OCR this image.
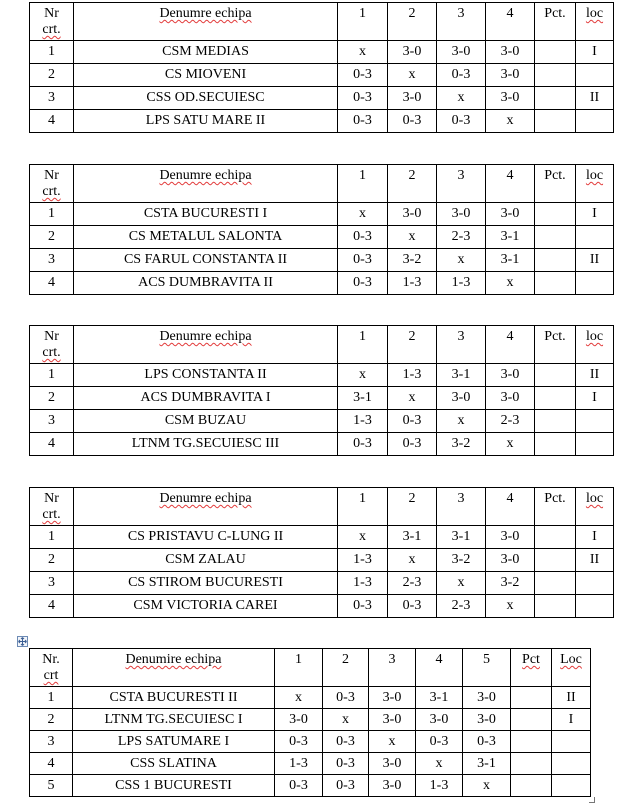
Nr
crt.	Denumre echipa	1	2	3	4	Pct.	loc
1	CSM MEDIAS	x	3-0	3-0	3-0		I
2	CS MIOVENI	0-3	x	0-3	3-0		
3	CSS OD.SECUIESC	0-3	3-0	x	3-0		II
4	LPS SATU MARE II	0-3	0-3	0-3	x		
Nr
crt.	Denumre echipa	1	2	3	4	Pct.	loc
1	CSTA BUCURESTI I	x	3-0	3-0	3-0		I
2	CS METALUL SALONTA	0-3	x	2-3	3-1		
3	CS FARUL CONSTANTA II	0-3	3-2	x	3-1		II
4	ACS DUMBRAVITA II	0-3	1-3	1-3	x		
Nr
crt.	Denumre echipa	1	2	3	4	Pct.	loc
1	LPS CONSTANTA II	x	1-3	3-1	3-0		II
2	ACS DUMBRAVITA I	3-1	x	3-0	3-0		I
3	CSM BUZAU	1-3	0-3	x	2-3		
4	LTNM TG.SECUIESC III	0-3	0-3	3-2	x		
Nr
crt.	Denumre echipa	1	2	3	4	Pct.	loc
1	CS PRISTAVU C-LUNG II	x	3-1	3-1	3-0		I
2	CSM ZALAU	1-3	x	3-2	3-0		II
3	CS STIROM BUCURESTI	1-3	2-3	x	3-2		
4	CSM VICTORIA CAREI	0-3	0-3	2-3	x		
Nr.
crt	Denumire echipa	1	2	3	4	5	Pct	Loc
1	CSTA BUCURESTI II	x	0-3	3-0	3-1	3-0		II
2	LTNM TG.SECUIESC I	3-0	x	3-0	3-0	3-0		I
3	LPS SATUMARE I	0-3	0-3	x	0-3	0-3		
4	CSS SLATINA	1-3	0-3	3-0	x	3-1		
5	CSS 1 BUCURESTI	0-3	0-3	3-0	1-3	x		
